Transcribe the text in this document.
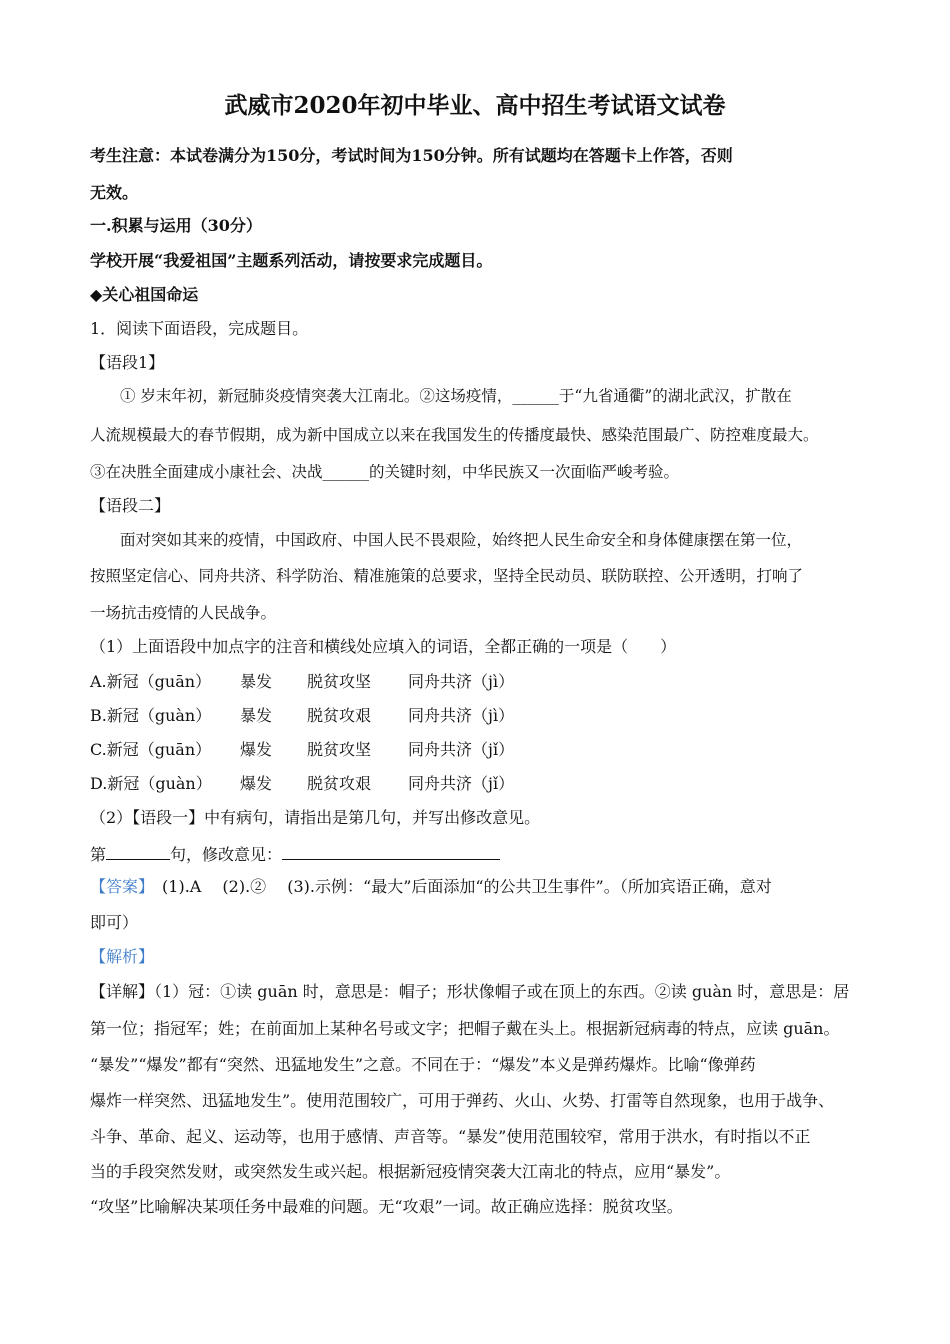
武威市2020年初中毕业、高中招生考试语文试卷
考生注意：本试卷满分为150分，考试时间为150分钟。所有试题均在答题卡上作答，否则
无效。
一.积累与运用（30分）
学校开展“我爱祖国”主题系列活动，请按要求完成题目。
◆关心祖国命运
1．阅读下面语段，完成题目。
【语段1】
① 岁末年初，新冠肺炎疫情突袭大江南北。②这场疫情，______于“九省通衢”的湖北武汉，扩散在
人流规模最大的春节假期，成为新中国成立以来在我国发生的传播度最快、感染范围最广、防控难度最大。
③在决胜全面建成小康社会、决战______的关键时刻，中华民族又一次面临严峻考验。
【语段二】
面对突如其来的疫情，中国政府、中国人民不畏艰险，始终把人民生命安全和身体健康摆在第一位，
按照坚定信心、同舟共济、科学防治、精准施策的总要求，坚持全民动员、联防联控、公开透明，打响了
一场抗击疫情的人民战争。
（1）上面语段中加点字的注音和横线处应填入的词语，全都正确的一项是（　　）
A.新冠（guān） 暴发 脱贫攻坚 同舟共济（jì）
B.新冠（guàn） 暴发 脱贫攻艰 同舟共济（jì）
C.新冠（guān） 爆发 脱贫攻坚 同舟共济（jǐ）
D.新冠（guàn） 爆发 脱贫攻艰 同舟共济（jǐ）
（2）【语段一】中有病句，请指出是第几句，并写出修改意见。
第	句，修改意见：
【答案】　 (1).A　 (2).②　 (3).示例：“最大”后面添加“的公共卫生事件”。（所加宾语正确，意对
即可）
【解析】
【详解】（1）冠：①读 guān 时，意思是：帽子；形状像帽子或在顶上的东西。②读 guàn 时，意思是：居
第一位；指冠军；姓；在前面加上某种名号或文字；把帽子戴在头上。根据新冠病毒的特点，应读 guān。
“暴发”“爆发”都有“突然、迅猛地发生”之意。不同在于：“爆发”本义是弹药爆炸。比喻“像弹药
爆炸一样突然、迅猛地发生”。使用范围较广，可用于弹药、火山、火势、打雷等自然现象，也用于战争、
斗争、革命、起义、运动等，也用于感情、声音等。“暴发”使用范围较窄，常用于洪水，有时指以不正
当的手段突然发财，或突然发生或兴起。根据新冠疫情突袭大江南北的特点，应用“暴发”。
“攻坚”比喻解决某项任务中最难的问题。无“攻艰”一词。故正确应选择：脱贫攻坚。
